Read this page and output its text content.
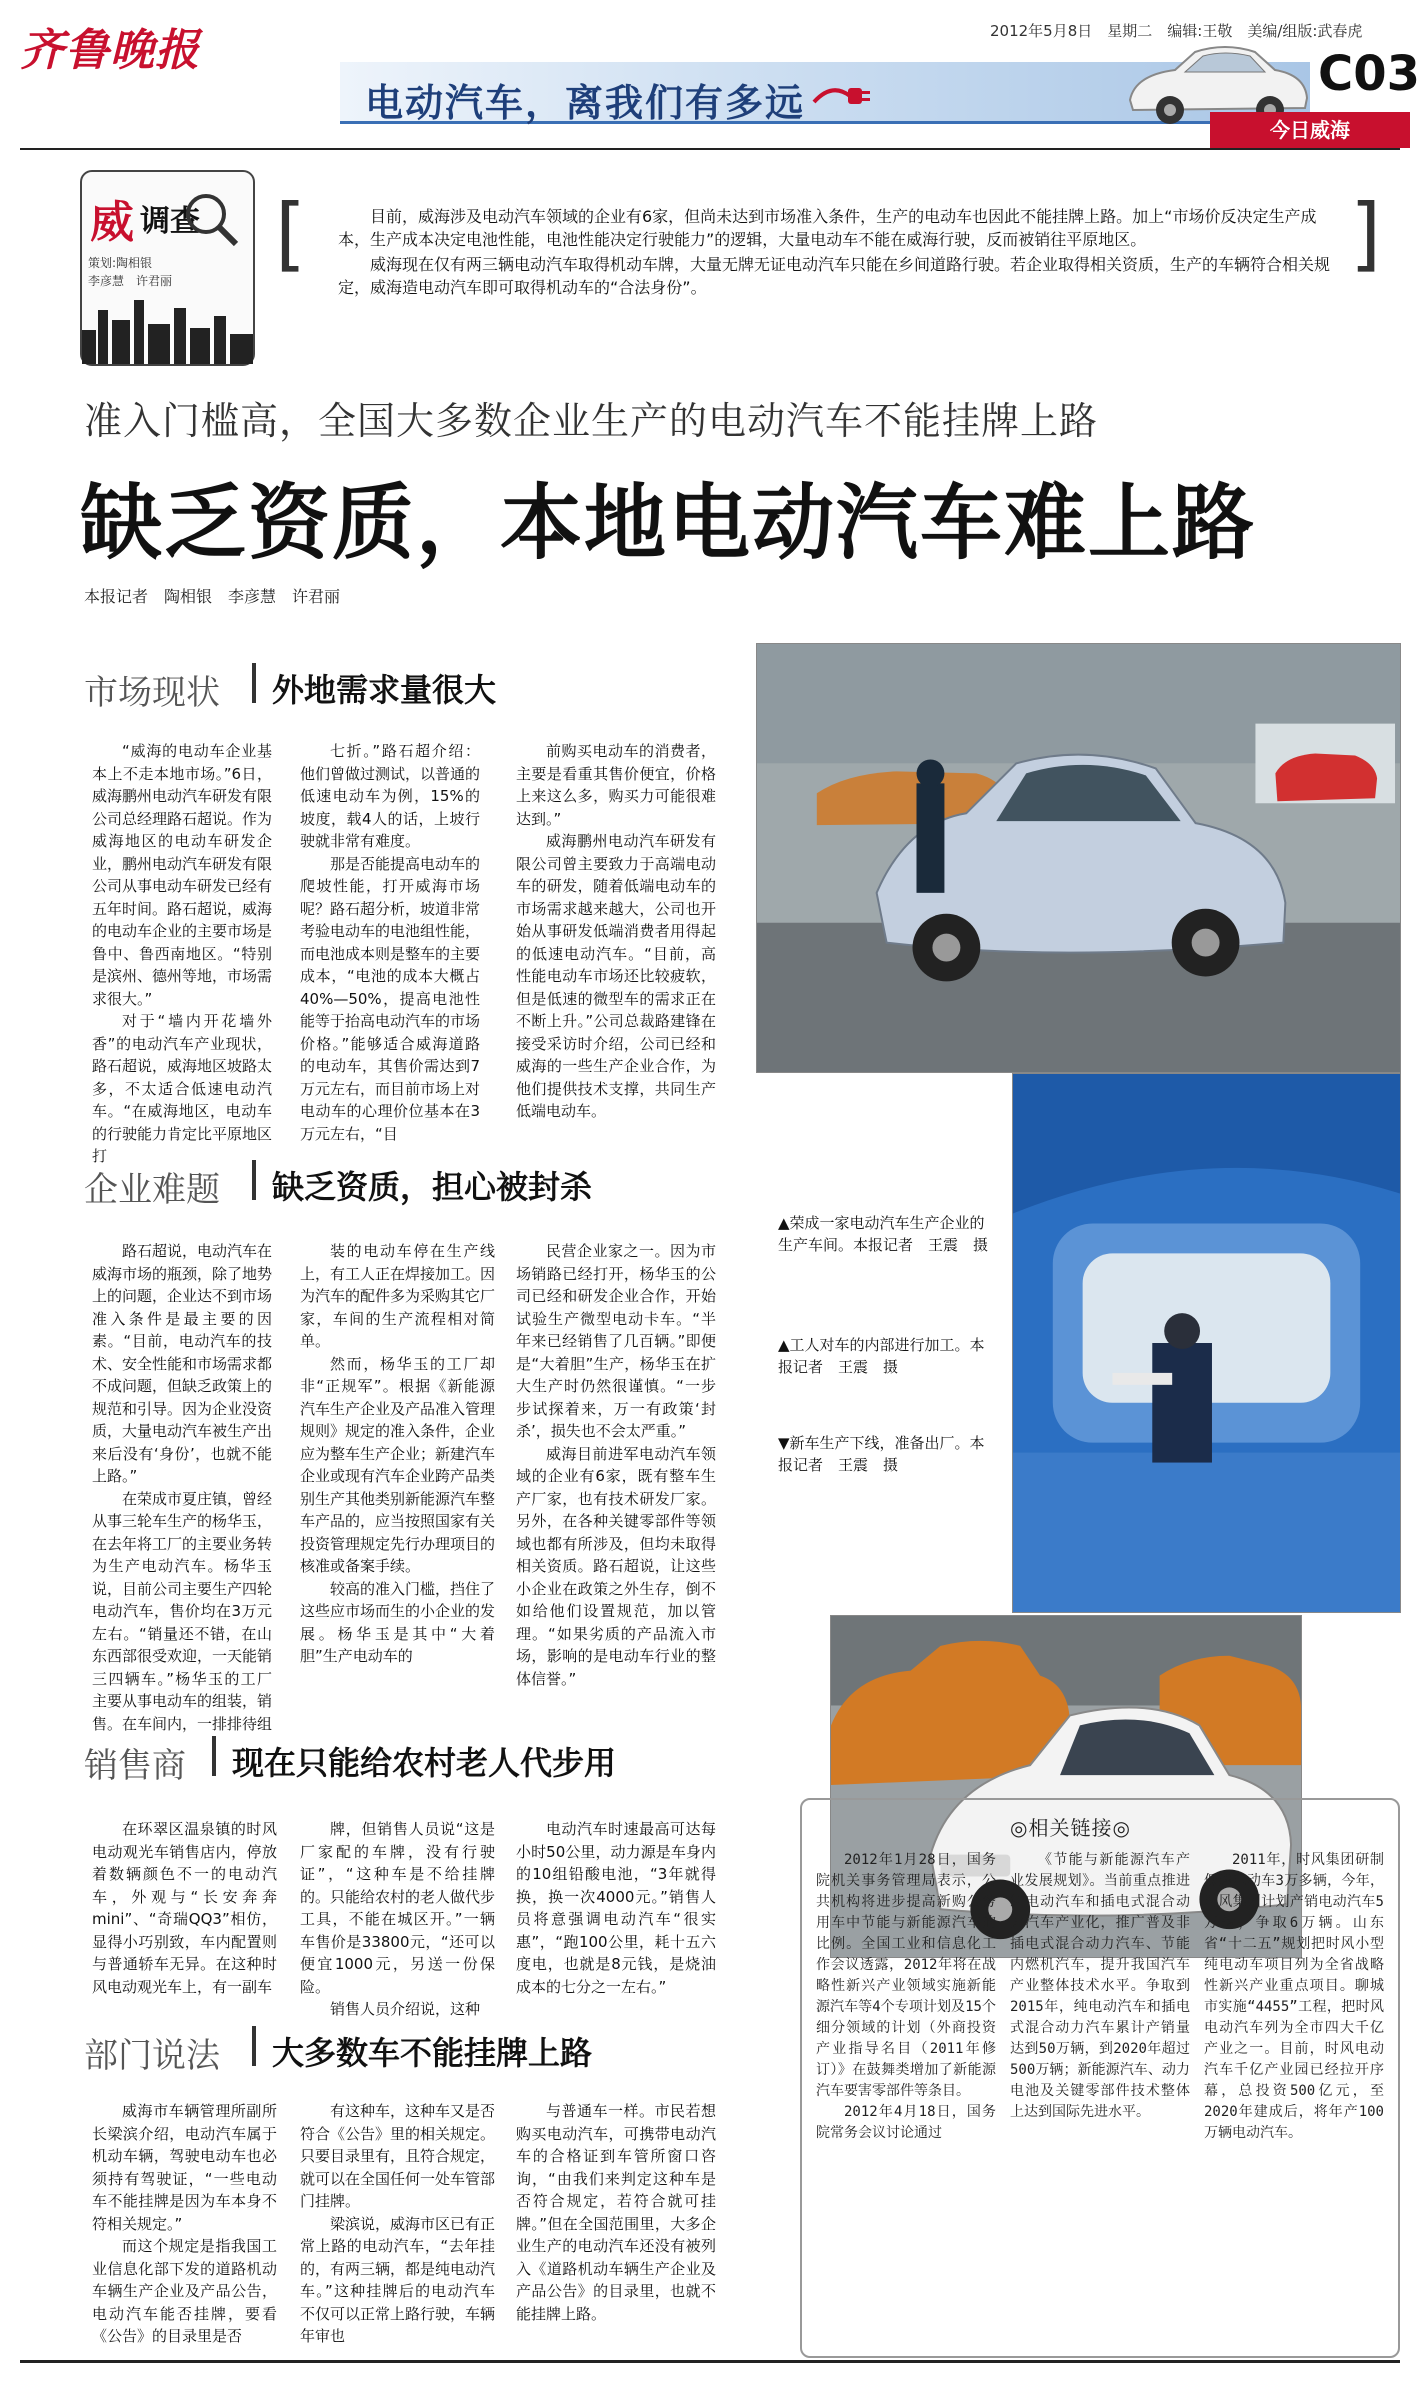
齐鲁晚报	2012年5月8日　星期二　编辑:王敬　美编/组版:武春虎
电动汽车，离我们有多远
C03
今日威海
威 调查
策划:陶相银
李彦慧　许君丽
[	]

目前，威海涉及电动汽车领域的企业有6家，但尚未达到市场准入条件，生产的电动车也因此不能挂牌上路。加上“市场价反决定生产成本，生产成本决定电池性能，电池性能决定行驶能力”的逻辑，大量电动车不能在威海行驶，反而被销往平原地区。

威海现在仅有两三辆电动汽车取得机动车牌，大量无牌无证电动汽车只能在乡间道路行驶。若企业取得相关资质，生产的车辆符合相关规定，威海造电动汽车即可取得机动车的“合法身份”。

准入门槛高，全国大多数企业生产的电动汽车不能挂牌上路
缺乏资质，本地电动汽车难上路
本报记者　陶相银　李彦慧　许君丽
市场现状 外地需求量很大

“威海的电动车企业基本上不走本地市场。”6日，威海鹏州电动汽车研发有限公司总经理路石超说。作为威海地区的电动车研发企业，鹏州电动汽车研发有限公司从事电动车研发已经有五年时间。路石超说，威海的电动车企业的主要市场是鲁中、鲁西南地区。“特别是滨州、德州等地，市场需求很大。”

对于“墙内开花墙外香”的电动汽车产业现状，路石超说，威海地区坡路太多，不太适合低速电动汽车。“在威海地区，电动车的行驶能力肯定比平原地区打

七折。”路石超介绍：他们曾做过测试，以普通的低速电动车为例，15%的坡度，载4人的话，上坡行驶就非常有难度。

那是否能提高电动车的爬坡性能，打开威海市场呢？路石超分析，坡道非常考验电动车的电池组性能，而电池成本则是整车的主要成本，“电池的成本大概占40%—50%，提高电池性能等于抬高电动汽车的市场价格。”能够适合威海道路的电动车，其售价需达到7万元左右，而目前市场上对电动车的心理价位基本在3万元左右，“目

前购买电动车的消费者，主要是看重其售价便宜，价格上来这么多，购买力可能很难达到。”

威海鹏州电动汽车研发有限公司曾主要致力于高端电动车的研发，随着低端电动车的市场需求越来越大，公司也开始从事研发低端消费者用得起的低速电动汽车。“目前，高性能电动车市场还比较疲软，但是低速的微型车的需求正在不断上升。”公司总裁路建锋在接受采访时介绍，公司已经和威海的一些生产企业合作，为他们提供技术支撑，共同生产低端电动车。

企业难题 缺乏资质，担心被封杀

路石超说，电动汽车在威海市场的瓶颈，除了地势上的问题，企业达不到市场准入条件是最主要的因素。“目前，电动汽车的技术、安全性能和市场需求都不成问题，但缺乏政策上的规范和引导。因为企业没资质，大量电动汽车被生产出来后没有‘身份’，也就不能上路。”

在荣成市夏庄镇，曾经从事三轮车生产的杨华玉，在去年将工厂的主要业务转为生产电动汽车。杨华玉说，目前公司主要生产四轮电动汽车，售价均在3万元左右。“销量还不错，在山东西部很受欢迎，一天能销三四辆车。”杨华玉的工厂主要从事电动车的组装，销售。在车间内，一排排待组

装的电动车停在生产线上，有工人正在焊接加工。因为汽车的配件多为采购其它厂家，车间的生产流程相对简单。

然而，杨华玉的工厂却非“正规军”。根据《新能源汽车生产企业及产品准入管理规则》规定的准入条件，企业应为整车生产企业；新建汽车企业或现有汽车企业跨产品类别生产其他类别新能源汽车整车产品的，应当按照国家有关投资管理规定先行办理项目的核准或备案手续。

较高的准入门槛，挡住了这些应市场而生的小企业的发展。杨华玉是其中“大着胆”生产电动车的

民营企业家之一。因为市场销路已经打开，杨华玉的公司已经和研发企业合作，开始试验生产微型电动卡车。“半年来已经销售了几百辆。”即便是“大着胆”生产，杨华玉在扩大生产时仍然很谨慎。“一步步试探着来，万一有政策‘封杀’，损失也不会太严重。”

威海目前进军电动汽车领域的企业有6家，既有整车生产厂家，也有技术研发厂家。另外，在各种关键零部件等领域也都有所涉及，但均未取得相关资质。路石超说，让这些小企业在政策之外生存，倒不如给他们设置规范，加以管理。“如果劣质的产品流入市场，影响的是电动车行业的整体信誉。”

销售商 现在只能给农村老人代步用

在环翠区温泉镇的时风电动观光车销售店内，停放着数辆颜色不一的电动汽车，外观与“长安奔奔mini”、“奇瑞QQ3”相仿，显得小巧别致，车内配置则与普通轿车无异。在这种时风电动观光车上，有一副车

牌，但销售人员说“这是厂家配的车牌，没有行驶证”，“这种车是不给挂牌的。只能给农村的老人做代步工具，不能在城区开。”一辆车售价是33800元，“还可以便宜1000元，另送一份保险。

销售人员介绍说，这种

电动汽车时速最高可达每小时50公里，动力源是车身内的10组铅酸电池，“3年就得换，换一次4000元。”销售人员将意强调电动汽车“很实惠”，“跑100公里，耗十五六度电，也就是8元钱，是烧油成本的七分之一左右。”

部门说法 大多数车不能挂牌上路

威海市车辆管理所副所长梁滨介绍，电动汽车属于机动车辆，驾驶电动车也必须持有驾驶证，“一些电动车不能挂牌是因为车本身不符相关规定。”

而这个规定是指我国工业信息化部下发的道路机动车辆生产企业及产品公告，电动汽车能否挂牌，要看《公告》的目录里是否

有这种车，这种车又是否符合《公告》里的相关规定。只要目录里有，且符合规定，就可以在全国任何一处车管部门挂牌。

梁滨说，威海市区已有正常上路的电动汽车，“去年挂的，有两三辆，都是纯电动汽车。”这种挂牌后的电动汽车不仅可以正常上路行驶，车辆年审也

与普通车一样。市民若想购买电动汽车，可携带电动汽车的合格证到车管所窗口咨询，“由我们来判定这种车是否符合规定，若符合就可挂牌。”但在全国范围里，大多企业生产的电动汽车还没有被列入《道路机动车辆生产企业及产品公告》的目录里，也就不能挂牌上路。

▲荣成一家电动汽车生产企业的生产车间。本报记者　王震　摄
▲工人对车的内部进行加工。本报记者　王震　摄
▼新车生产下线，准备出厂。本报记者　王震　摄
◎相关链接◎

2012年1月28日，国务院机关事务管理局表示，公共机构将进步提高新购公务用车中节能与新能源汽车的比例。全国工业和信息化工作会议透露，2012年将在战略性新兴产业领域实施新能源汽车等4个专项计划及15个细分领域的计划（外商投资产业指导名目（2011年修订）》在鼓舞类增加了新能源汽车要害零部件等条目。

2012年4月18日，国务院常务会议讨论通过

《节能与新能源汽车产业发展规划》。当前重点推进纯电动汽车和插电式混合动力汽车产业化，推广普及非插电式混合动力汽车、节能内燃机汽车，提升我国汽车产业整体技术水平。争取到2015年，纯电动汽车和插电式混合动力汽车累计产销量达到50万辆，到2020年超过500万辆；新能源汽车、动力电池及关键零部件技术整体上达到国际先进水平。

2011年，时风集团研制低速电动车3万多辆，今年，时风集团计划产销电动汽车5万辆，争取6万辆。山东省“十二五”规划把时风小型纯电动车项目列为全省战略性新兴产业重点项目。聊城市实施“4455”工程，把时风电动汽车列为全市四大千亿产业之一。目前，时风电动汽车千亿产业园已经拉开序幕，总投资500亿元，至2020年建成后，将年产100万辆电动汽车。
